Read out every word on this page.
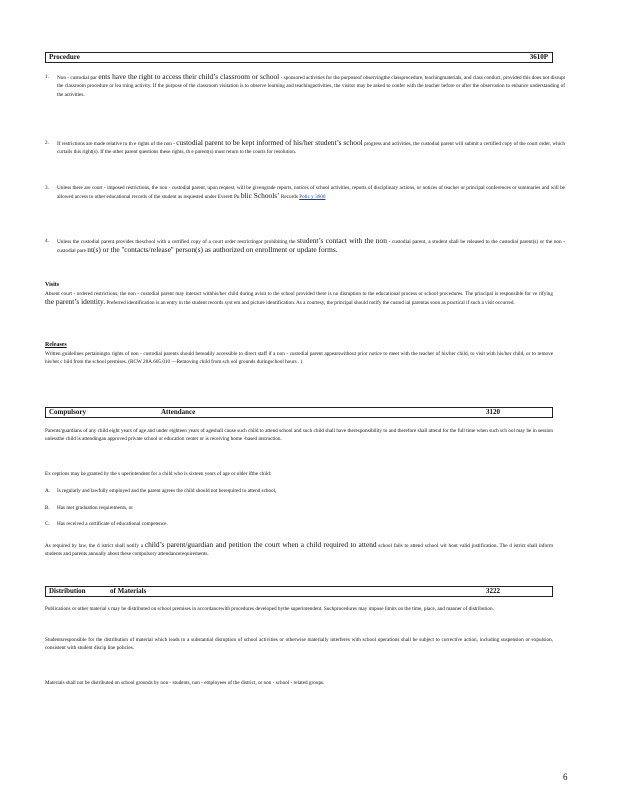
Procedure	3610P
1. Non - custodial par ents have the right to access their child’s classroom or school - sponsored activities for the purposeof observingthe classprocedure, teachingmaterials, and class conduct, provided this does not disrupt the classroom procedure or lea rning activity. If the purpose of the classroom visitation is to observe learning and teachingactivities, the visitor may be asked to confer with the teacher before or after the observation to enhance understanding of the activities.
2. If restrictions are made relative to th e rights of the non - custodial parent to be kept informed of his/her student’s school progress and activities, the custodial parent will submit a certified copy of the court order, which curtails this right(s). If the other parent questions these rights, th e parent(s) must return to the courts for resolution.
3. Unless there are court - imposed restrictions, the non - custodial parent, upon request, will be givengrade reports, notices of school activities, reports of disciplinary actions, or notices of teacher or principal conferences or summaries and will be allowed access to other educational records of the student as requested under Everett Pu blic Schools’ Records Polic y 3600
4. Unless the custodial parent provides theschool with a certified copy of a court order restrictingor prohibiting the student’s contact with the non - custodial parent, a student shall be released to the custodial parent(s) or the non - custodial pare nt(s) or the ''contacts/release'' person(s) as authorized on enrollment or update forms.
Visits
Absent court - ordered restrictions, the non - custodial parent may interact withhis/her child during avisit to the school provided there is no disruption to the educational process or school procedures. The principal is responsible for ve rifying the parent’s identity. Preferred identification is an entry in the student records syst em and picture identification. As a courtesy, the principal should notify the custod ial parentas soon as practical if such a visit occurred.
Releases
Written guidelines pertainingto rights of non - custodial parents should bereadily accessible to direct staff if a non - custodial parent appearswithout prior notice to meet with the teacher of his/her child, to visit with his/her child, or to remove his/her c hild from the school premises. (RCW 28A.605.010 —Removing child from sch ool grounds duringschool hours . )
Compulsory	Attendance	3120
Parents/guardians of any child eight years of age and under eighteen years of ageshall cause such child to attend school and such child shall have theresponsibility to and therefore shall attend for the full time when such sch ool may be in session unlessthe child is attendingan approved private school or education center or is receiving home -based instruction.
Ex ceptions may be granted by the s uperintendent for a child who is sixteen years of age or older ifthe child:
A. Is regularly and lawfully employed and the parent agrees the child should not berequired to attend school,
B. Has met graduation requirements, or
C. Has received a certificate of educational competence.
As required by law, the d istrict shall notify a child’s parent/guardian and petition the court when a child required to attend school fails to attend school wit hout valid justification. The d istrict shall inform students and parents annually about these compulsory attendancerequirements.
Distribution	of Materials	3222
Publications or other material s may be distributed on school premises in accordancewith procedures developed bythe superintendent. Suchprocedures may impose limits on the time, place, and manner of distribution.
Studentsresponsible for the distribution of material which leads to a substantial disruption of school activities or otherwise materially interferes with school operations shall be subject to corrective action, including suspension or expulsion, consistent with student discip line policies.
Materials shall not be distributed on school grounds by non - students, non - employees of the district, or non - school - related groups.
6
